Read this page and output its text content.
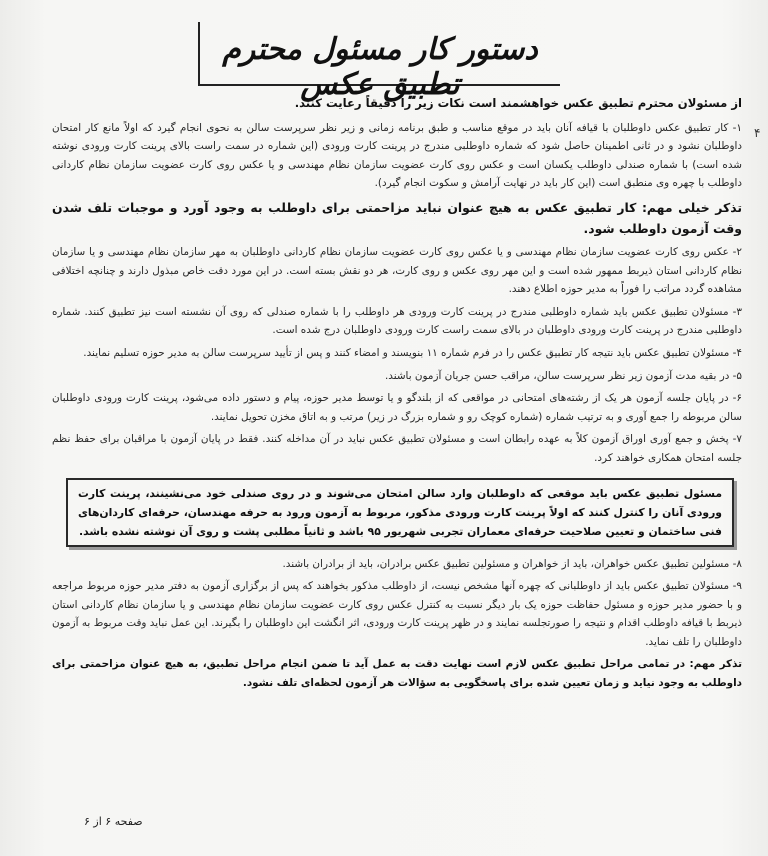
دستور کار مسئول محترم تطبیق عکس
۴

از مسئولان محترم تطبیق عکس خواهشمند است نکات زیر را دقیقاً رعایت کنند.

۱- کار تطبیق عکس داوطلبان با قیافه آنان باید در موقع مناسب و طبق برنامه زمانی و زیر نظر سرپرست سالن به نحوی انجام گیرد که اولاً مانع کار امتحان داوطلبان نشود و در ثانی اطمینان حاصل شود که شماره داوطلبی مندرج در پرینت کارت ورودی (این شماره در سمت راست بالای پرینت کارت ورودی نوشته شده است) با شماره صندلی داوطلب یکسان است و عکس روی کارت عضویت سازمان نظام مهندسی و یا عکس روی کارت عضویت سازمان نظام کاردانی داوطلب با چهره وی منطبق است (این کار باید در نهایت آرامش و سکوت انجام گیرد).

تذکر خیلی مهم: کار تطبیق عکس به هیچ عنوان نباید مزاحمتی برای داوطلب به وجود آورد و موجبات تلف شدن وقت آزمون داوطلب شود.

۲- عکس روی کارت عضویت سازمان نظام مهندسی و یا عکس روی کارت عضویت سازمان نظام کاردانی داوطلبان به مهر سازمان نظام مهندسی و یا سازمان نظام کاردانی استان ذیربط ممهور شده است و این مهر روی عکس و روی کارت، هر دو نقش بسته است. در این مورد دقت خاص مبذول دارند و چنانچه اختلافی مشاهده گردد مراتب را فوراً به مدیر حوزه اطلاع دهند.

۳- مسئولان تطبیق عکس باید شماره داوطلبی مندرج در پرینت کارت ورودی هر داوطلب را با شماره صندلی که روی آن نشسته است نیز تطبیق کنند. شماره داوطلبی مندرج در پرینت کارت ورودی داوطلبان در بالای سمت راست کارت ورودی داوطلبان درج شده است.

۴- مسئولان تطبیق عکس باید نتیجه کار تطبیق عکس را در فرم شماره ۱۱ بنویسند و امضاء کنند و پس از تأیید سرپرست سالن به مدیر حوزه تسلیم نمایند.

۵- در بقیه مدت آزمون زیر نظر سرپرست سالن، مراقب حسن جریان آزمون باشند.

۶- در پایان جلسه آزمون هر یک از رشته‌های امتحانی در مواقعی که از بلندگو و یا توسط مدیر حوزه، پیام و دستور داده می‌شود، پرینت کارت ورودی داوطلبان سالن مربوطه را جمع آوری و به ترتیب شماره (شماره کوچک رو و شماره بزرگ در زیر) مرتب و به اتاق مخزن تحویل نمایند.

۷- پخش و جمع آوری اوراق آزمون کلاً به عهده رابطان است و مسئولان تطبیق عکس نباید در آن مداخله کنند. فقط در پایان آزمون با مراقبان برای حفظ نظم جلسه امتحان همکاری خواهند کرد.

مسئول تطبیق عکس باید موقعی که داوطلبان وارد سالن امتحان می‌شوند و در روی صندلی خود می‌نشینند، پرینت کارت ورودی آنان را کنترل کنند که اولاً پرینت کارت ورودی مذکور، مربوط به آزمون ورود به حرفه مهندسان، حرفه‌ای کاردان‌های فنی ساختمان و تعیین صلاحیت حرفه‌ای معماران تجربی شهریور ۹۵ باشد و ثانیاً مطلبی پشت و روی آن نوشته نشده باشد.

۸- مسئولین تطبیق عکس خواهران، باید از خواهران و مسئولین تطبیق عکس برادران، باید از برادران باشند.

۹- مسئولان تطبیق عکس باید از داوطلبانی که چهره آنها مشخص نیست، از داوطلب مذکور بخواهند که پس از برگزاری آزمون به دفتر مدیر حوزه مربوط مراجعه و با حضور مدیر حوزه و مسئول حفاظت حوزه یک بار دیگر نسبت به کنترل عکس روی کارت عضویت سازمان نظام مهندسی و یا سازمان نظام کاردانی استان ذیربط با قیافه داوطلب اقدام و نتیجه را صورتجلسه نمایند و در ظهر پرینت کارت ورودی، اثر انگشت این داوطلبان را بگیرند. این عمل نباید وقت مربوط به آزمون داوطلبان را تلف نماید.

تذکر مهم: در تمامی مراحل تطبیق عکس لازم است نهایت دقت به عمل آید تا ضمن انجام مراحل تطبیق، به هیچ عنوان مزاحمتی برای داوطلب به وجود نیاید و زمان تعیین شده برای پاسخگویی به سؤالات هر آزمون لحظه‌ای تلف نشود.

صفحه ۶ از ۶
